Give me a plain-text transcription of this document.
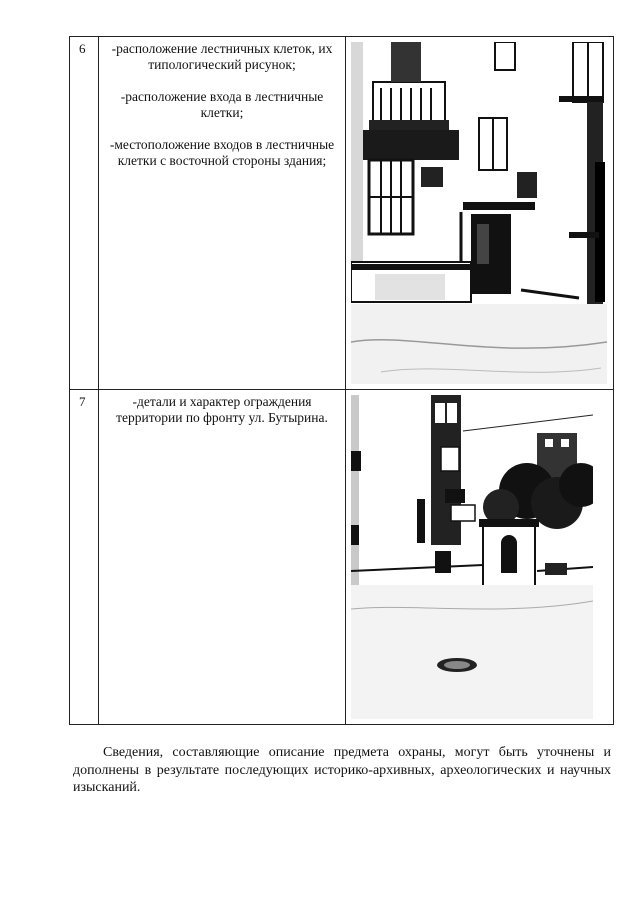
6	-расположение лестничных клеток, их типологический рисунок;

-расположение входа в лестничные клетки;

-местоположение входов в лестничные клетки с восточной стороны здания;

7	-детали и характер ограждения территории по фронту ул. Бутырина.

Сведения, составляющие описание предмета охраны, могут быть уточнены и дополнены в результате последующих историко-архивных, археологических и научных изысканий.
